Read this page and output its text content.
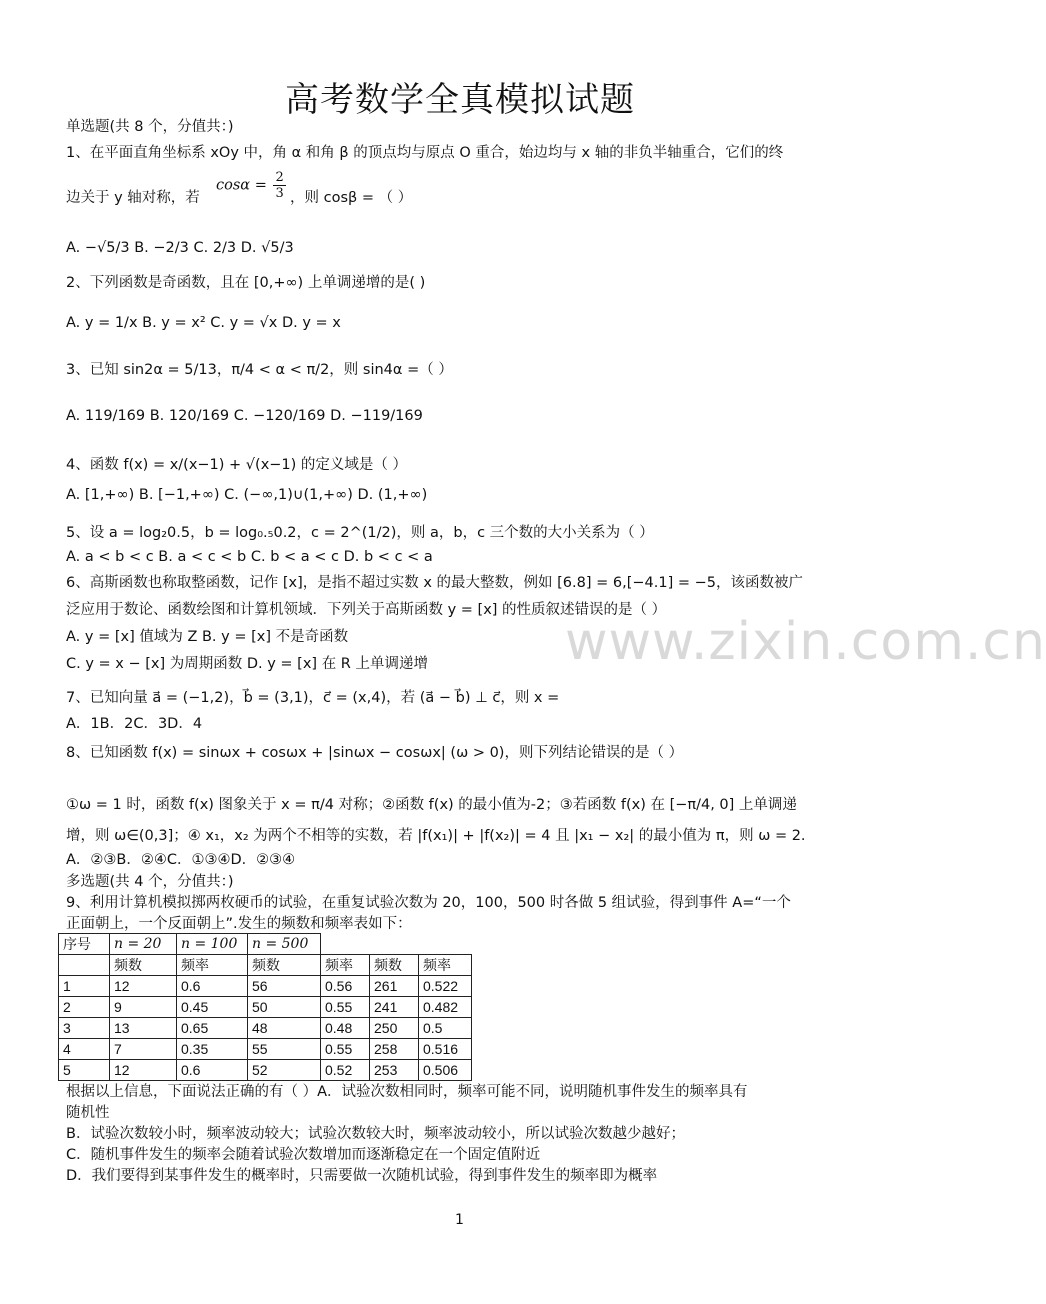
高考数学全真模拟试题
www.zixin.com.cn
单选题(共 8 个，分值共：)
1、在平面直角坐标系 xOy 中，角 α 和角 β 的顶点均与原点 O 重合，始边均与 x 轴的非负半轴重合，它们的终
边关于 y 轴对称，若
$\cos\alpha = \frac{2}{3}$ ，则 cosβ = （ ）
A. −√5/3 B. −2/3 C. 2/3 D. √5/3
2、下列函数是奇函数，且在 [0,+∞) 上单调递增的是( )
A. y = 1/x B. y = x² C. y = √x D. y = x
3、已知 sin2α = 5/13，π/4 < α < π/2，则 sin4α =（ ）
A. 119/169 B. 120/169 C. −120/169 D. −119/169
4、函数 f(x) = x/(x−1) + √(x−1) 的定义域是（ ）
A. [1,+∞) B. [−1,+∞) C. (−∞,1)∪(1,+∞) D. (1,+∞)
5、设 a = log₂0.5，b = log₀.₅0.2，c = 2^(1/2)，则 a，b，c 三个数的大小关系为（ ）
A. a < b < c B. a < c < b C. b < a < c D. b < c < a
6、高斯函数也称取整函数，记作 [x]，是指不超过实数 x 的最大整数，例如 [6.8] = 6,[−4.1] = −5，该函数被广
泛应用于数论、函数绘图和计算机领域．下列关于高斯函数 y = [x] 的性质叙述错误的是（ ）
A. y = [x] 值域为 Z B. y = [x] 不是奇函数
C. y = x − [x] 为周期函数 D. y = [x] 在 R 上单调递增
7、已知向量 a⃗ = (−1,2)，b⃗ = (3,1)，c⃗ = (x,4)，若 (a⃗ − b⃗) ⊥ c⃗，则 x =
A．1B．2C．3D．4
8、已知函数 f(x) = sinωx + cosωx + |sinωx − cosωx| (ω > 0)，则下列结论错误的是（ ）
①ω = 1 时，函数 f(x) 图象关于 x = π/4 对称；②函数 f(x) 的最小值为-2；③若函数 f(x) 在 [−π/4, 0] 上单调递
增，则 ω∈(0,3]；④ x₁，x₂ 为两个不相等的实数，若 |f(x₁)| + |f(x₂)| = 4 且 |x₁ − x₂| 的最小值为 π，则 ω = 2.
A．②③B．②④C．①③④D．②③④
多选题(共 4 个，分值共：)
9、利用计算机模拟掷两枚硬币的试验，在重复试验次数为 20，100，500 时各做 5 组试验，得到事件 A=“一个
正面朝上，一个反面朝上”.发生的频数和频率表如下：
序号	n = 20	n = 100	n = 500			
	频数	频率	频数	频率	频数	频率
1	12	0.6	56	0.56	261	0.522
2	9	0.45	50	0.55	241	0.482
3	13	0.65	48	0.48	250	0.5
4	7	0.35	55	0.55	258	0.516
5	12	0.6	52	0.52	253	0.506
根据以上信息，下面说法正确的有（ ）A．试验次数相同时，频率可能不同，说明随机事件发生的频率具有
随机性
B．试验次数较小时，频率波动较大；试验次数较大时，频率波动较小，所以试验次数越少越好；
C．随机事件发生的频率会随着试验次数增加而逐渐稳定在一个固定值附近
D．我们要得到某事件发生的概率时，只需要做一次随机试验，得到事件发生的频率即为概率
1
